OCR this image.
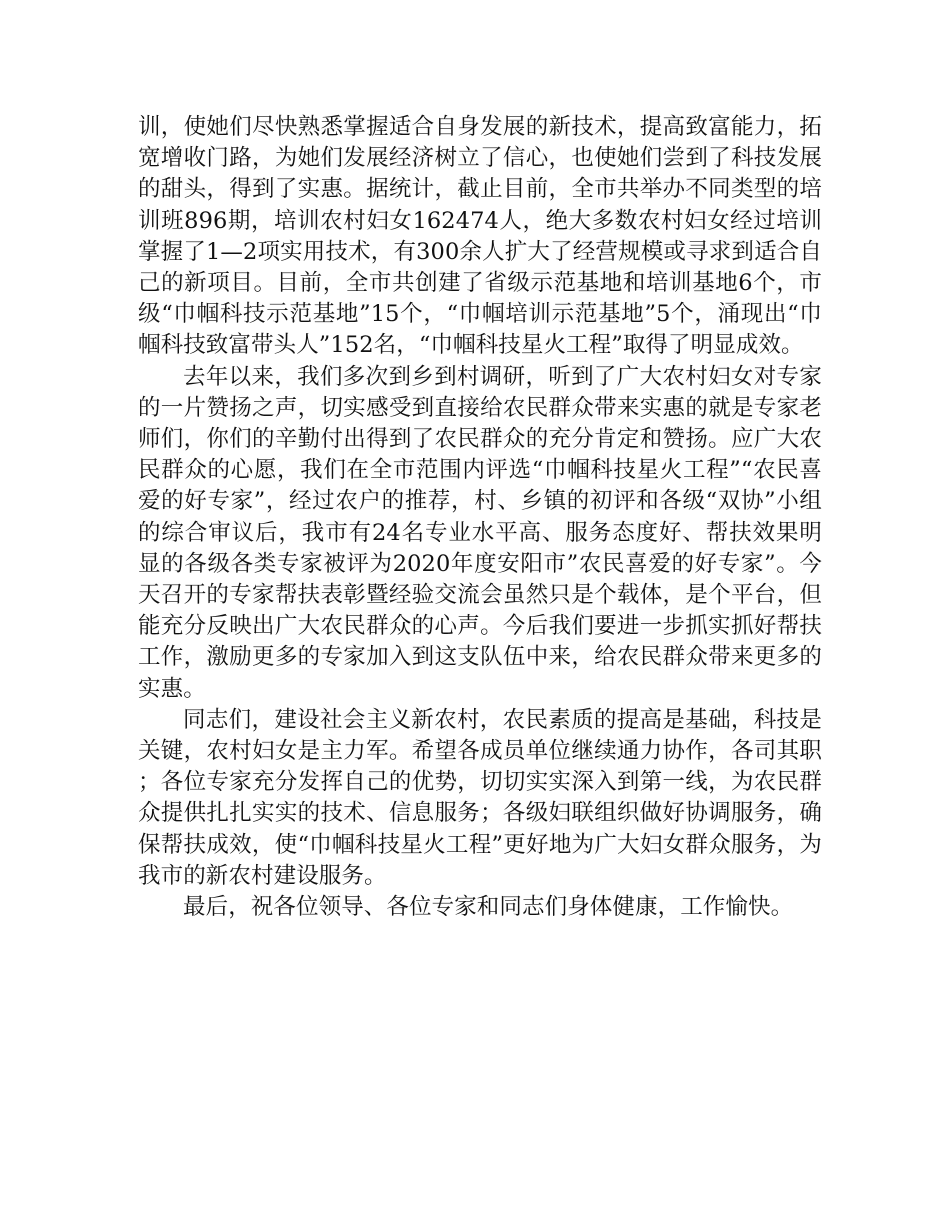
训，使她们尽快熟悉掌握适合自身发展的新技术，提高致富能力，拓宽增收门路，为她们发展经济树立了信心，也使她们尝到了科技发展的甜头，得到了实惠。据统计，截止目前，全市共举办不同类型的培训班896期，培训农村妇女162474人，绝大多数农村妇女经过培训掌握了1—2项实用技术，有300余人扩大了经营规模或寻求到适合自己的新项目。目前，全市共创建了省级示范基地和培训基地6个，市级“巾帼科技示范基地”15个，“巾帼培训示范基地”5个，涌现出“巾帼科技致富带头人”152名，“巾帼科技星火工程”取得了明显成效。

去年以来，我们多次到乡到村调研，听到了广大农村妇女对专家的一片赞扬之声，切实感受到直接给农民群众带来实惠的就是专家老师们，你们的辛勤付出得到了农民群众的充分肯定和赞扬。应广大农民群众的心愿，我们在全市范围内评选“巾帼科技星火工程”“农民喜爱的好专家”，经过农户的推荐，村、乡镇的初评和各级“双协”小组的综合审议后，我市有24名专业水平高、服务态度好、帮扶效果明显的各级各类专家被评为2020年度安阳市”农民喜爱的好专家”。今天召开的专家帮扶表彰暨经验交流会虽然只是个载体，是个平台，但能充分反映出广大农民群众的心声。今后我们要进一步抓实抓好帮扶工作，激励更多的专家加入到这支队伍中来，给农民群众带来更多的实惠。

同志们，建设社会主义新农村，农民素质的提高是基础，科技是关键，农村妇女是主力军。希望各成员单位继续通力协作，各司其职；各位专家充分发挥自己的优势，切切实实深入到第一线，为农民群众提供扎扎实实的技术、信息服务；各级妇联组织做好协调服务，确保帮扶成效，使“巾帼科技星火工程”更好地为广大妇女群众服务，为我市的新农村建设服务。

最后，祝各位领导、各位专家和同志们身体健康，工作愉快。
